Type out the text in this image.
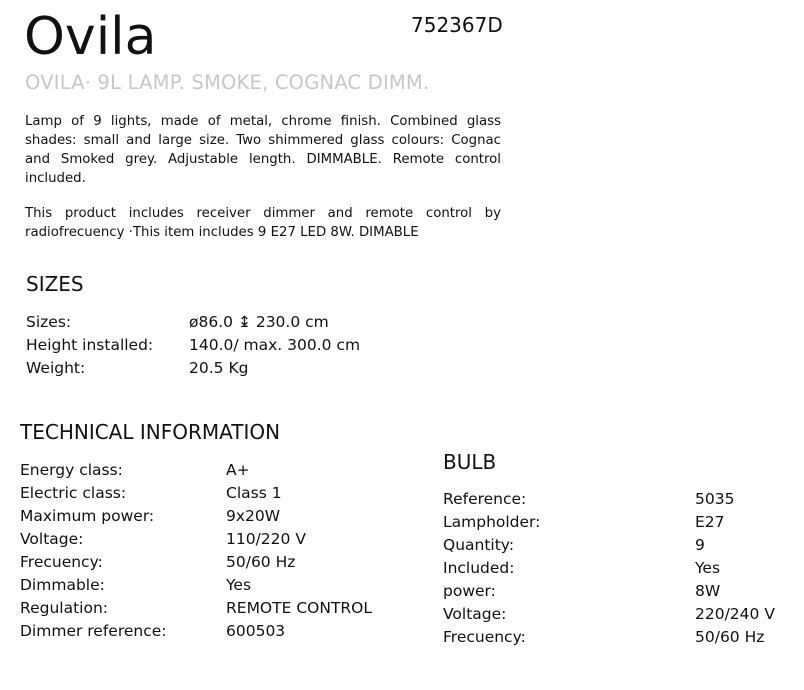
Ovila	752367D
OVILA· 9L LAMP. SMOKE, COGNAC DIMM.

Lamp of 9 lights, made of metal, chrome finish. Combined glass shades: small and large size. Two shimmered glass colours: Cognac and Smoked grey. Adjustable length. DIMMABLE. Remote control included.

This product includes receiver dimmer and remote control by radiofrecuency ·This item includes 9 E27 LED 8W. DIMABLE

SIZES
Sizes:	ø86.0 ↨ 230.0 cm
Height installed:	140.0/ max. 300.0 cm
Weight:	20.5 Kg
TECHNICAL INFORMATION
Energy class:	A+
Electric class:	Class 1
Maximum power:	9x20W
Voltage:	110/220 V
Frecuency:	50/60 Hz
Dimmable:	Yes
Regulation:	REMOTE CONTROL
Dimmer reference:	600503
BULB
Reference:	5035
Lampholder:	E27
Quantity:	9
Included:	Yes
power:	8W
Voltage:	220/240 V
Frecuency:	50/60 Hz
